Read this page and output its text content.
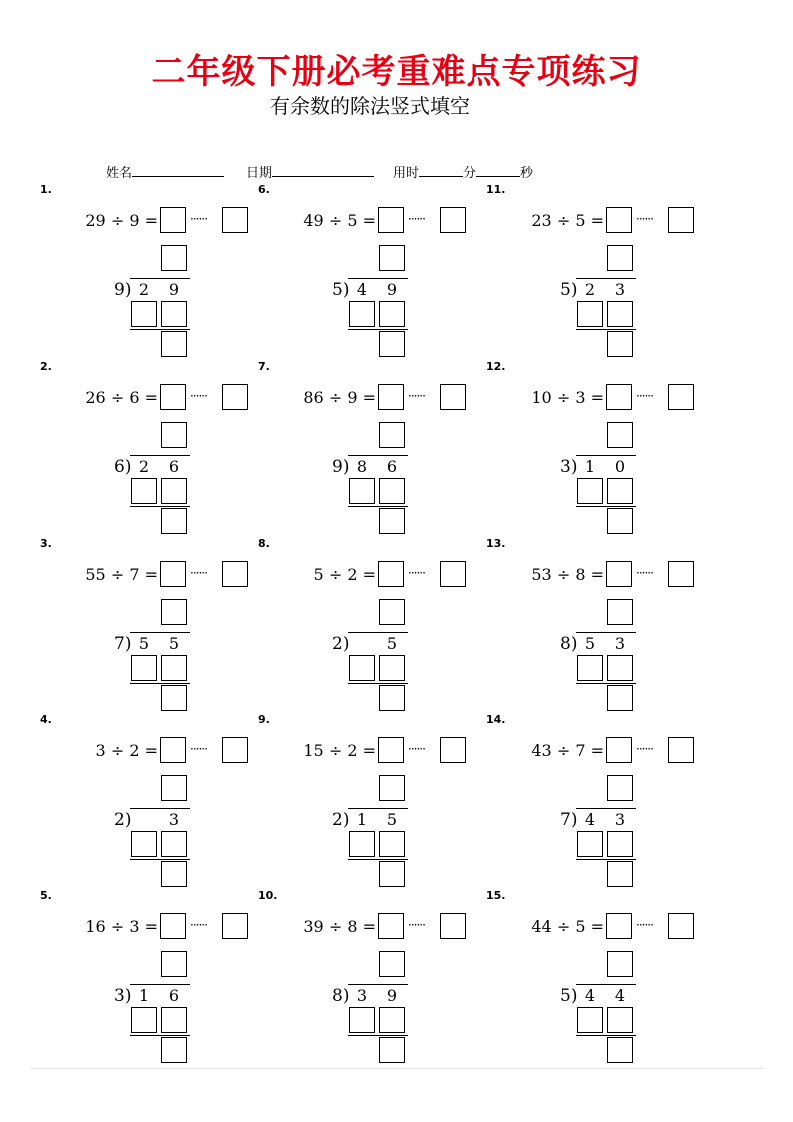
二年级下册必考重难点专项练习
有余数的除法竖式填空
姓名	日期	用时	分	秒
1.
29 ÷ 9 =	······
9) 2	9
2.
26 ÷ 6 =	······
6) 2	6
3.
55 ÷ 7 =	······
7) 5	5
4.
3 ÷ 2 =	······
2)	3
5.
16 ÷ 3 =	······
3) 1	6
6.
49 ÷ 5 =	······
5) 4	9
7.
86 ÷ 9 =	······
9) 8	6
8.
5 ÷ 2 =	······
2)	5
9.
15 ÷ 2 =	······
2) 1	5
10.
39 ÷ 8 =	······
8) 3	9
11.
23 ÷ 5 =	······
5) 2	3
12.
10 ÷ 3 =	······
3) 1	0
13.
53 ÷ 8 =	······
8) 5	3
14.
43 ÷ 7 =	······
7) 4	3
15.
44 ÷ 5 =	······
5) 4	4
